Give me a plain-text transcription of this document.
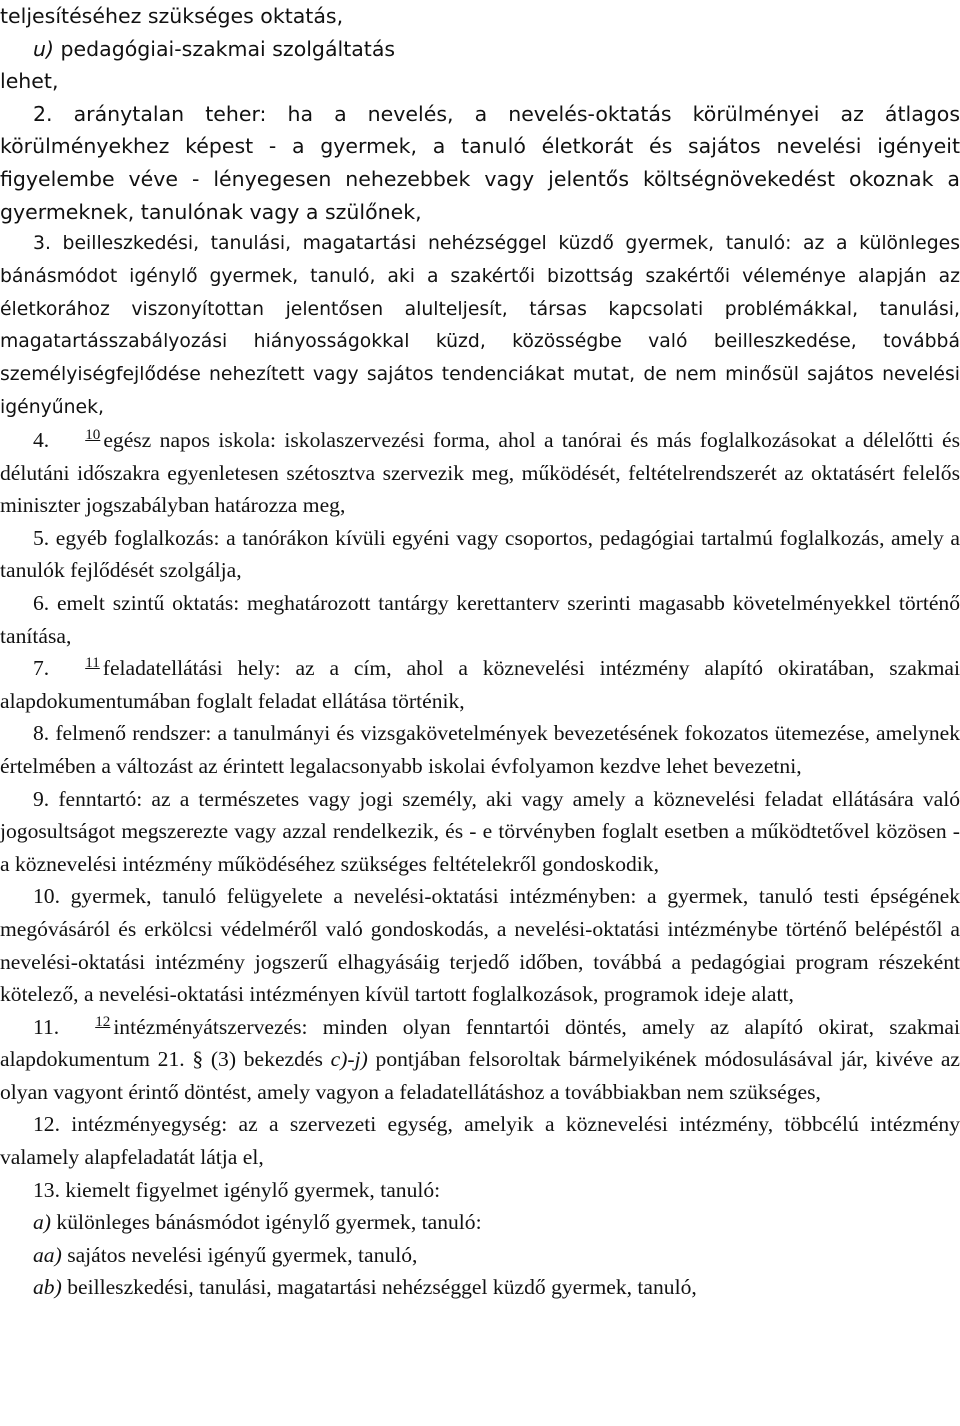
teljesítéséhez szükséges oktatás,

u) pedagógiai-szakmai szolgáltatás

lehet,

2. aránytalan teher: ha a nevelés, a nevelés-oktatás körülményei az átlagos körülményekhez képest - a gyermek, a tanuló életkorát és sajátos nevelési igényeit figyelembe véve - lényegesen nehezebbek vagy jelentős költségnövekedést okoznak a gyermeknek, tanulónak vagy a szülőnek,

3. beilleszkedési, tanulási, magatartási nehézséggel küzdő gyermek, tanuló: az a különleges bánásmódot igénylő gyermek, tanuló, aki a szakértői bizottság szakértői véleménye alapján az életkorához viszonyítottan jelentősen alulteljesít, társas kapcsolati problémákkal, tanulási, magatartásszabályozási hiányosságokkal küzd, közösségbe való beilleszkedése, továbbá személyiségfejlődése nehezített vagy sajátos tendenciákat mutat, de nem minősül sajátos nevelési igényűnek,

4. 10 egész napos iskola: iskolaszervezési forma, ahol a tanórai és más foglalkozásokat a délelőtti és délutáni időszakra egyenletesen szétosztva szervezik meg, működését, feltételrendszerét az oktatásért felelős miniszter jogszabályban határozza meg,

5. egyéb foglalkozás: a tanórákon kívüli egyéni vagy csoportos, pedagógiai tartalmú foglalkozás, amely a tanulók fejlődését szolgálja,

6. emelt szintű oktatás: meghatározott tantárgy kerettanterv szerinti magasabb követelményekkel történő tanítása,

7. 11 feladatellátási hely: az a cím, ahol a köznevelési intézmény alapító okiratában, szakmai alapdokumentumában foglalt feladat ellátása történik,

8. felmenő rendszer: a tanulmányi és vizsgakövetelmények bevezetésének fokozatos ütemezése, amelynek értelmében a változást az érintett legalacsonyabb iskolai évfolyamon kezdve lehet bevezetni,

9. fenntartó: az a természetes vagy jogi személy, aki vagy amely a köznevelési feladat ellátására való jogosultságot megszerezte vagy azzal rendelkezik, és - e törvényben foglalt esetben a működtetővel közösen - a köznevelési intézmény működéséhez szükséges feltételekről gondoskodik,

10. gyermek, tanuló felügyelete a nevelési-oktatási intézményben: a gyermek, tanuló testi épségének megóvásáról és erkölcsi védelméről való gondoskodás, a nevelési-oktatási intézménybe történő belépéstől a nevelési-oktatási intézmény jogszerű elhagyásáig terjedő időben, továbbá a pedagógiai program részeként kötelező, a nevelési-oktatási intézményen kívül tartott foglalkozások, programok ideje alatt,

11. 12 intézményátszervezés: minden olyan fenntartói döntés, amely az alapító okirat, szakmai alapdokumentum 21. § (3) bekezdés c)-j) pontjában felsoroltak bármelyikének módosulásával jár, kivéve az olyan vagyont érintő döntést, amely vagyon a feladatellátáshoz a továbbiakban nem szükséges,

12. intézményegység: az a szervezeti egység, amelyik a köznevelési intézmény, többcélú intézmény valamely alapfeladatát látja el,

13. kiemelt figyelmet igénylő gyermek, tanuló:

a) különleges bánásmódot igénylő gyermek, tanuló:

aa) sajátos nevelési igényű gyermek, tanuló,

ab) beilleszkedési, tanulási, magatartási nehézséggel küzdő gyermek, tanuló,
